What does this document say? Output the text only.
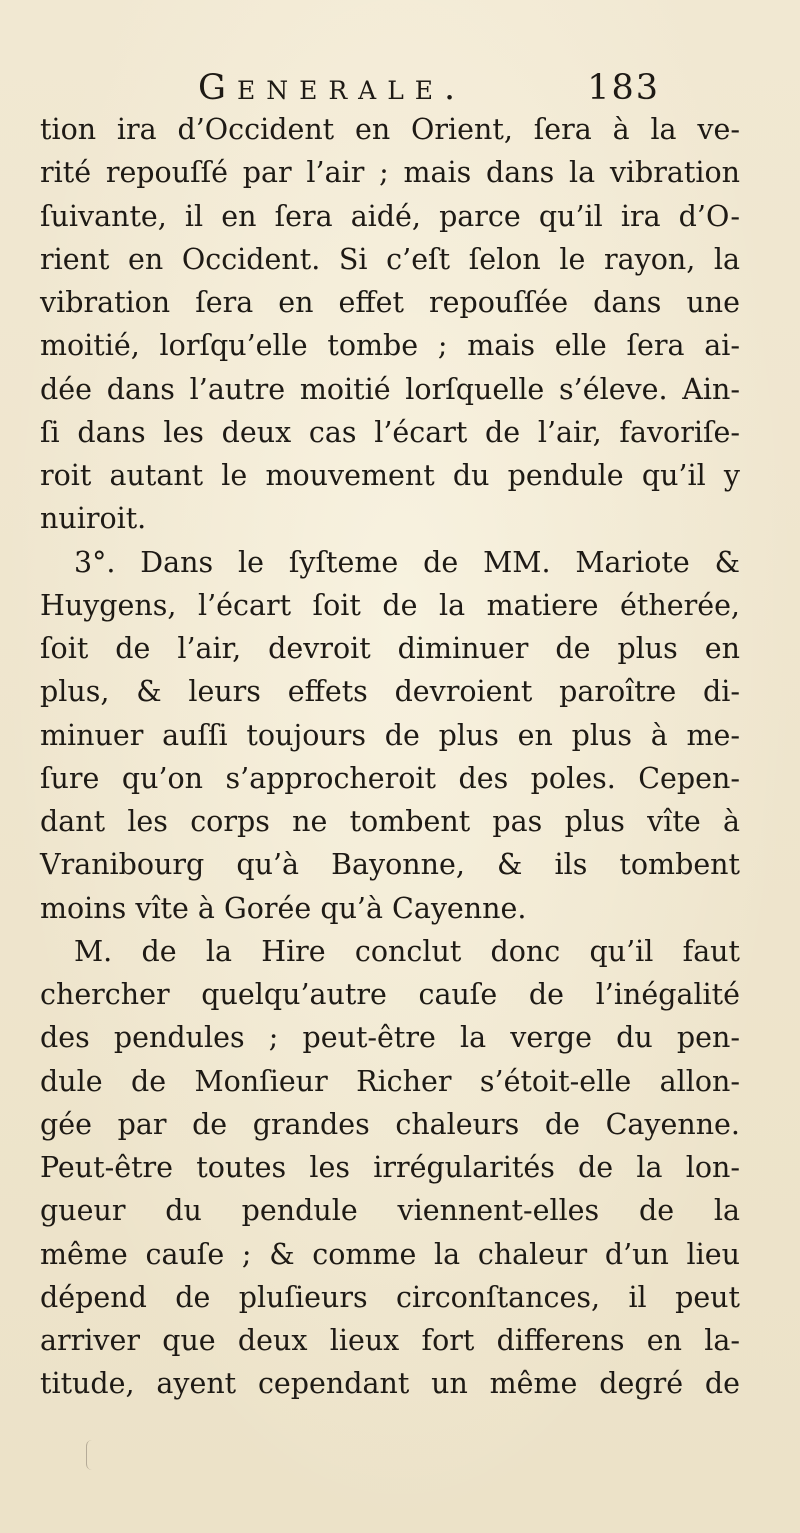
Generale.	183
tion ira d’Occident en Orient, ſera à la ve-
rité repouſſé par l’air ; mais dans la vibration
ſuivante, il en ſera aidé, parce qu’il ira d’O-
rient en Occident. Si c’eſt ſelon le rayon, la
vibration ſera en effet repouſſée dans une
moitié, lorſqu’elle tombe ; mais elle ſera ai-
dée dans l’autre moitié lorſquelle s’éleve. Ain-
ſi dans les deux cas l’écart de l’air, favoriſe-
roit autant le mouvement du pendule qu’il y
nuiroit.
3°. Dans le ſyſteme de MM. Mariote &
Huygens, l’écart ſoit de la matiere étherée,
ſoit de l’air, devroit diminuer de plus en
plus, & leurs effets devroient paroître di-
minuer auſſi toujours de plus en plus à me-
ſure qu’on s’approcheroit des poles. Cepen-
dant les corps ne tombent pas plus vîte à
Vranibourg qu’à Bayonne, & ils tombent
moins vîte à Gorée qu’à Cayenne.
M. de la Hire conclut donc qu’il faut
chercher quelqu’autre cauſe de l’inégalité
des pendules ; peut-être la verge du pen-
dule de Monſieur Richer s’étoit-elle allon-
gée par de grandes chaleurs de Cayenne.
Peut-être toutes les irrégularités de la lon-
gueur du pendule viennent-elles de la
même cauſe ; & comme la chaleur d’un lieu
dépend de pluſieurs circonſtances, il peut
arriver que deux lieux fort differens en la-
titude, ayent cependant un même degré de
